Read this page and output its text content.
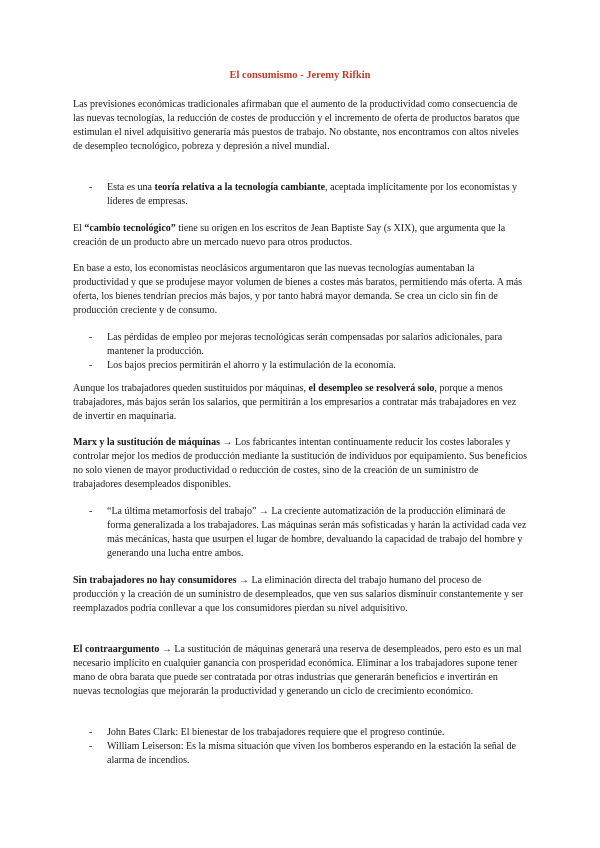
El consumismo - Jeremy Rifkin

Las previsiones económicas tradicionales afirmaban que el aumento de la productividad como consecuencia de las nuevas tecnologías, la reducción de costes de producción y el incremento de oferta de productos baratos que estimulan el nivel adquisitivo generaría más puestos de trabajo. No obstante, nos encontramos con altos niveles de desempleo tecnológico, pobreza y depresión a nivel mundial.

- Esta es una teoría relativa a la tecnología cambiante, aceptada implícitamente por los economistas y líderes de empresas.

El “cambio tecnológico” tiene su origen en los escritos de Jean Baptiste Say (s XIX), que argumenta que la creación de un producto abre un mercado nuevo para otros productos.

En base a esto, los economistas neoclásicos argumentaron que las nuevas tecnologías aumentaban la productividad y que se produjese mayor volumen de bienes a costes más baratos, permitiendo más oferta. A más oferta, los bienes tendrían precios más bajos, y por tanto habrá mayor demanda. Se crea un ciclo sin fin de producción creciente y de consumo.

- Las pérdidas de empleo por mejoras tecnológicas serán compensadas por salarios adicionales, para mantener la producción.
- Los bajos precios permitirán el ahorro y la estimulación de la economía.

Aunque los trabajadores queden sustituidos por máquinas, el desempleo se resolverá solo, porque a menos trabajadores, más bajos serán los salarios, que permitirán a los empresarios a contratar más trabajadores en vez de invertir en maquinaria.

Marx y la sustitución de máquinas → Los fabricantes intentan continuamente reducir los costes laborales y controlar mejor los medios de producción mediante la sustitución de individuos por equipamiento. Sus beneficios no solo vienen de mayor productividad o reducción de costes, sino de la creación de un suministro de trabajadores desempleados disponibles.

- “La última metamorfosis del trabajo” → La creciente automatización de la producción eliminará de forma generalizada a los trabajadores. Las máquinas serán más sofisticadas y harán la actividad cada vez más mecánicas, hasta que usurpen el lugar de hombre, devaluando la capacidad de trabajo del hombre y generando una lucha entre ambos.

Sin trabajadores no hay consumidores → La eliminación directa del trabajo humano del proceso de producción y la creación de un suministro de desempleados, que ven sus salarios disminuir constantemente y ser reemplazados podría conllevar a que los consumidores pierdan su nivel adquisitivo.

El contraargumento → La sustitución de máquinas generará una reserva de desempleados, pero esto es un mal necesario implícito en cualquier ganancia con prosperidad económica. Eliminar a los trabajadores supone tener mano de obra barata que puede ser contratada por otras industrias que generarán beneficios e invertirán en nuevas tecnologías que mejorarán la productividad y generando un ciclo de crecimiento económico.

- John Bates Clark: El bienestar de los trabajadores requiere que el progreso continúe.
- William Leiserson: Es la misma situación que viven los bomberos esperando en la estación la señal de alarma de incendios.
